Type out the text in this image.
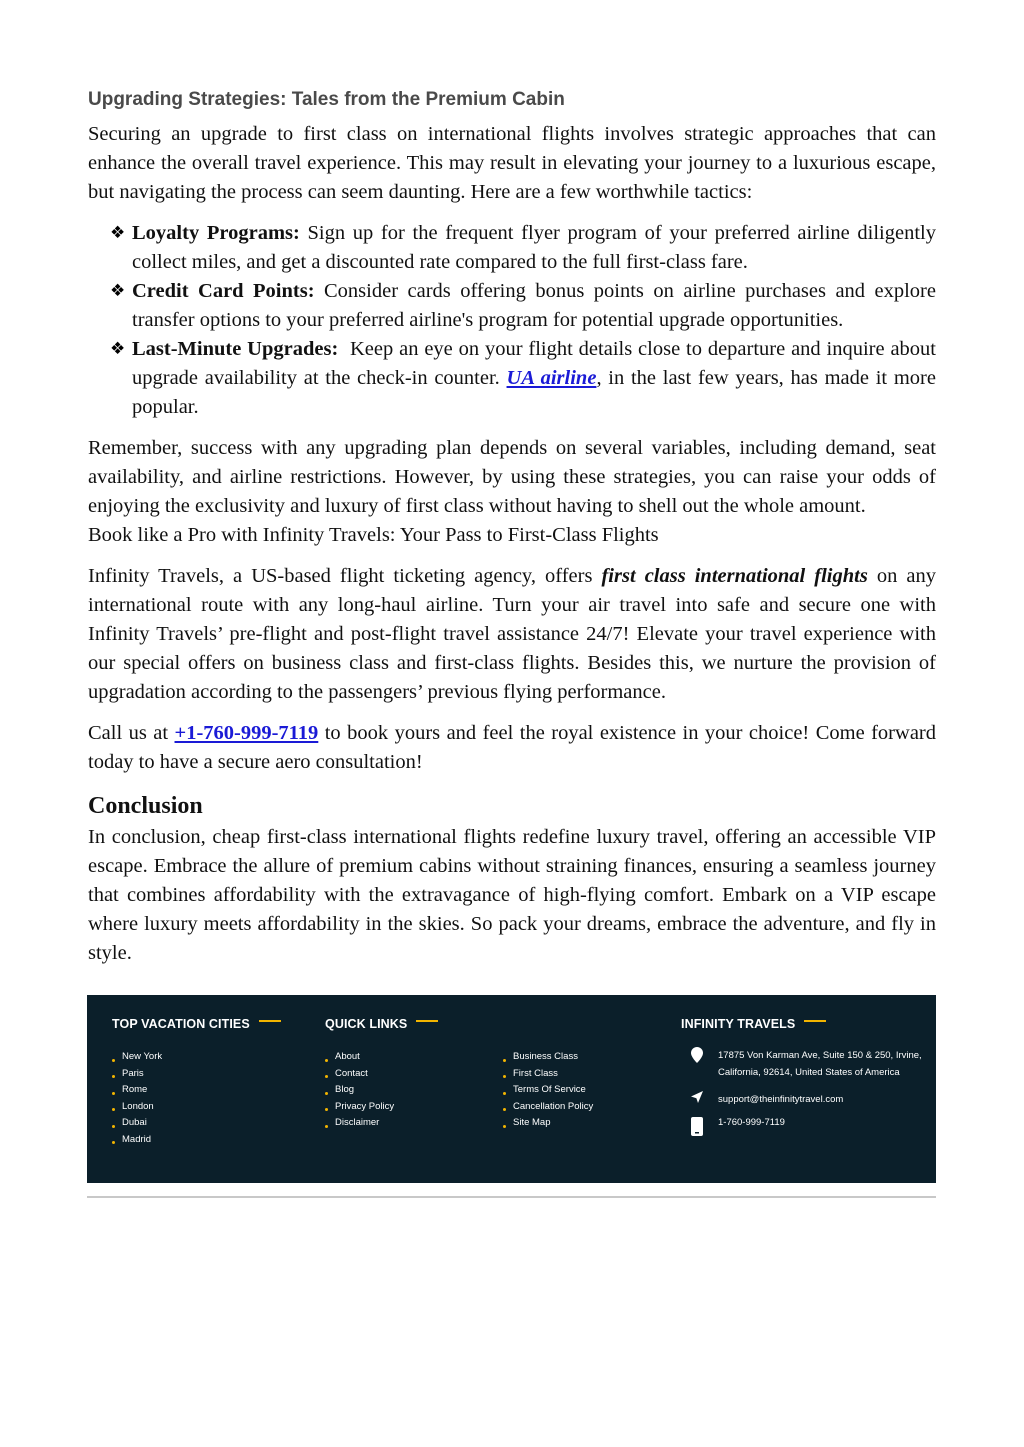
Upgrading Strategies: Tales from the Premium Cabin

Securing an upgrade to first class on international flights involves strategic approaches that can enhance the overall travel experience. This may result in elevating your journey to a luxurious escape, but navigating the process can seem daunting. Here are a few worthwhile tactics:

❖ Loyalty Programs: Sign up for the frequent flyer program of your preferred airline diligently collect miles, and get a discounted rate compared to the full first-class fare.
❖ Credit Card Points: Consider cards offering bonus points on airline purchases and explore transfer options to your preferred airline's program for potential upgrade opportunities.
❖ Last-Minute Upgrades:  Keep an eye on your flight details close to departure and inquire about upgrade availability at the check-in counter. UA airline, in the last few years, has made it more popular.

Remember, success with any upgrading plan depends on several variables, including demand, seat availability, and airline restrictions. However, by using these strategies, you can raise your odds of enjoying the exclusivity and luxury of first class without having to shell out the whole amount.

Book like a Pro with Infinity Travels: Your Pass to First-Class Flights

Infinity Travels, a US-based flight ticketing agency, offers first class international flights on any international route with any long-haul airline. Turn your air travel into safe and secure one with Infinity Travels’ pre-flight and post-flight travel assistance 24/7! Elevate your travel experience with our special offers on business class and first-class flights. Besides this, we nurture the provision of upgradation according to the passengers’ previous flying performance.

Call us at +1-760-999-7119 to book yours and feel the royal existence in your choice! Come forward today to have a secure aero consultation!

Conclusion

In conclusion, cheap first-class international flights redefine luxury travel, offering an accessible VIP escape. Embrace the allure of premium cabins without straining finances, ensuring a seamless journey that combines affordability with the extravagance of high-flying comfort. Embark on a VIP escape where luxury meets affordability in the skies. So pack your dreams, embrace the adventure, and fly in style.

TOP VACATION CITIES
New York
Paris
Rome
London
Dubai
Madrid
QUICK LINKS
About
Contact
Blog
Privacy Policy
Disclaimer
Business Class
First Class
Terms Of Service
Cancellation Policy
Site Map
INFINITY TRAVELS
17875 Von Karman Ave, Suite 150 & 250, Irvine,
California, 92614, United States of America
support@theinfinitytravel.com
1-760-999-7119
